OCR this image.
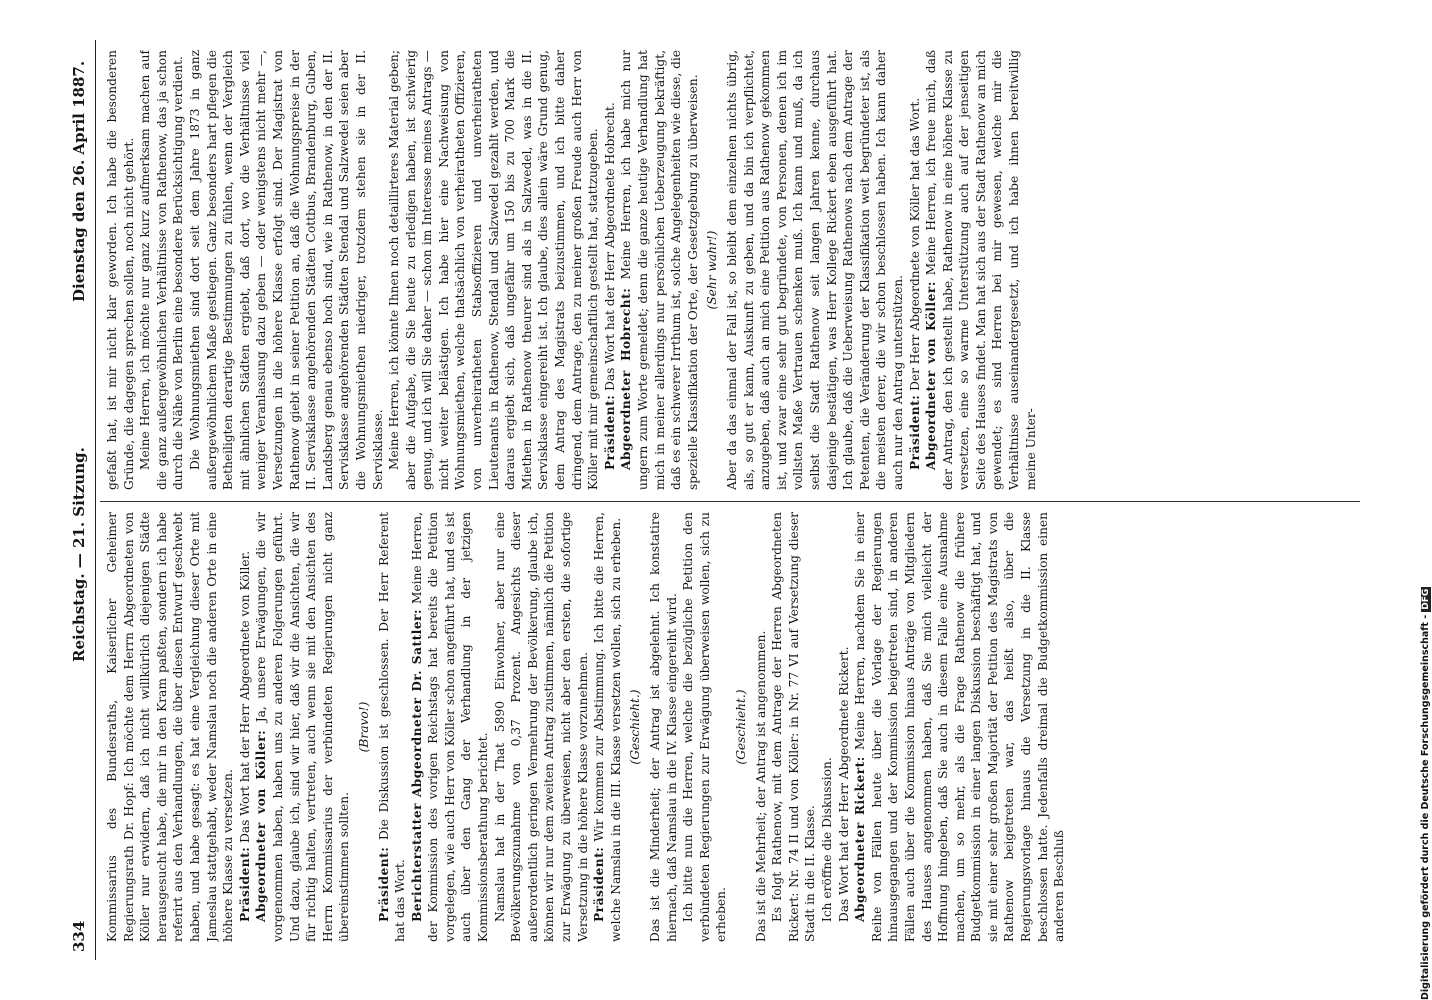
334
Reichstag. — 21. Sitzung.
Dienstag den 26. April 1887.

Kommissarius des Bundesraths, Kaiserlicher Geheimer Regierungsrath Dr. Hopf: Ich möchte dem Herrn Abgeordneten von Köller nur erwidern, daß ich nicht willkürlich diejenigen Städte herausgesucht habe, die mir in den Kram paßten, sondern ich habe referirt aus den Verhandlungen, die über diesen Entwurf geschwebt haben, und habe gesagt: es hat eine Vergleichung dieser Orte mit Jameslau stattgehabt, weder Namslau noch die anderen Orte in eine höhere Klasse zu versetzen. Präsident: Das Wort hat der Herr Abgeordnete von Köller. Abgeordneter von Köller: Ja, unsere Erwägungen, die wir vorgenommen haben, haben uns zu anderen Folgerungen geführt. Und dazu, glaube ich, sind wir hier, daß wir die Ansichten, die wir für richtig halten, vertreten, auch wenn sie mit den Ansichten des Herrn Kommissarius der verbündeten Regierungen nicht ganz übereinstimmen sollten.

(Bravo!)

Präsident: Die Diskussion ist geschlossen. Der Herr Referent hat das Wort. Berichterstatter Abgeordneter Dr. Sattler: Meine Herren, der Kommission des vorigen Reichstags hat bereits die Petition vorgelegen, wie auch Herr von Köller schon angeführt hat, und es ist auch über den Gang der Verhandlung in der jetzigen Kommissionsberathung berichtet. Namslau hat in der That 5890 Einwohner, aber nur eine Bevölkerungszunahme von 0,37 Prozent. Angesichts dieser außerordentlich geringen Vermehrung der Bevölkerung, glaube ich, können wir nur dem zweiten Antrag zustimmen, nämlich die Petition zur Erwägung zu überweisen, nicht aber den ersten, die sofortige Versetzung in die höhere Klasse vorzunehmen. Präsident: Wir kommen zur Abstimmung. Ich bitte die Herren, welche Namslau in die III. Klasse versetzen wollen, sich zu erheben. (Geschieht.) Das ist die Minderheit; der Antrag ist abgelehnt. Ich konstatire hiernach, daß Namslau in die IV. Klasse eingereiht wird. Ich bitte nun die Herren, welche die bezügliche Petition den verbündeten Regierungen zur Erwägung überweisen wollen, sich zu erheben.

(Geschieht.) Das ist die Mehrheit; der Antrag ist angenommen. Es folgt Rathenow, mit dem Antrage der Herren Abgeordneten Rickert: Nr. 74 II und von Köller: in Nr. 77 VI auf Versetzung dieser Stadt in die II. Klasse. Ich eröffne die Diskussion. Das Wort hat der Herr Abgeordnete Rickert. Abgeordneter Rickert: Meine Herren, nachdem Sie in einer Reihe von Fällen heute über die Vorlage der Regierungen hinausgegangen und der Kommission beigetreten sind, in anderen Fällen auch über die Kommission hinaus Anträge von Mitgliedern des Hauses angenommen haben, daß Sie mich vielleicht der Hoffnung hingeben, daß Sie auch in diesem Falle eine Ausnahme machen, um so mehr, als die Frage Rathenow die frühere Budgetkommission in einer langen Diskussion beschäftigt hat, und sie mit einer sehr großen Majorität der Petition des Magistrats von Rathenow beigetreten war, das heißt also, über die Regierungsvorlage hinaus die Versetzung in die II. Klasse beschlossen hatte. Jedenfalls dreimal die Budgetkommission einen anderen Beschluß

gefaßt hat, ist mir nicht klar geworden. Ich habe die besonderen Gründe, die dagegen sprechen sollen, noch nicht gehört. Meine Herren, ich möchte nur ganz kurz aufmerksam machen auf die ganz außergewöhnlichen Verhältnisse von Rathenow, das ja schon durch die Nähe von Berlin eine besondere Berücksichtigung verdient. Die Wohnungsmiethen sind dort seit dem Jahre 1873 in ganz außergewöhnlichem Maße gestiegen. Ganz besonders hart pflegen die Betheiligten derartige Bestimmungen zu fühlen, wenn der Vergleich mit ähnlichen Städten ergiebt, daß dort, wo die Verhältnisse viel weniger Veranlassung dazu geben — oder wenigstens nicht mehr —, Versetzungen in die höhere Klasse erfolgt sind. Der Magistrat von Rathenow giebt in seiner Petition an, daß die Wohnungspreise in der II. Servisklasse angehörenden Städten Cottbus, Brandenburg, Guben, Landsberg genau ebenso hoch sind, wie in Rathenow, in den der II. Servisklasse angehörenden Städten Stendal und Salzwedel seien aber die Wohnungsmiethen niedriger, trotzdem stehen sie in der II. Servisklasse. Meine Herren, ich könnte Ihnen noch detaillirteres Material geben; aber die Aufgabe, die Sie heute zu erledigen haben, ist schwierig genug, und ich will Sie daher — schon im Interesse meines Antrags — nicht weiter belästigen. Ich habe hier eine Nachweisung von Wohnungsmiethen, welche thatsächlich von verheiratheten Offizieren, von unverheiratheten Stabsoffizieren und unverheiratheten Lieutenants in Rathenow, Stendal und Salzwedel gezahlt werden, und daraus ergiebt sich, daß ungefähr um 150 bis zu 700 Mark die Miethen in Rathenow theurer sind als in Salzwedel, was in die II. Servisklasse eingereiht ist. Ich glaube, dies allein wäre Grund genug, dem Antrag des Magistrats beizustimmen, und ich bitte daher dringend, dem Antrage, den zu meiner großen Freude auch Herr von Köller mit mir gemeinschaftlich gestellt hat, stattzugeben. Präsident: Das Wort hat der Herr Abgeordnete Hobrecht. Abgeordneter Hobrecht: Meine Herren, ich habe mich nur ungern zum Worte gemeldet; denn die ganze heutige Verhandlung hat mich in meiner allerdings nur persönlichen Ueberzeugung bekräftigt, daß es ein schwerer Irrthum ist, solche Angelegenheiten wie diese, die spezielle Klassifikation der Orte, der Gesetzgebung zu überweisen. (Sehr wahr!) Aber da das einmal der Fall ist, so bleibt dem einzelnen nichts übrig, als, so gut er kann, Auskunft zu geben, und da bin ich verpflichtet, anzugeben, daß auch an mich eine Petition aus Rathenow gekommen ist, und zwar eine sehr gut begründete, von Personen, denen ich im vollsten Maße Vertrauen schenken muß. Ich kann und muß, da ich selbst die Stadt Rathenow seit langen Jahren kenne, durchaus dasjenige bestätigen, was Herr Kollege Rickert eben ausgeführt hat. Ich glaube, daß die Ueberweisung Rathenows nach dem Antrage der Petenten, die Veränderung der Klassifikation weit begründeter ist, als die meisten derer, die wir schon beschlossen haben. Ich kann daher auch nur den Antrag unterstützen. Präsident: Der Herr Abgeordnete von Köller hat das Wort. Abgeordneter von Köller: Meine Herren, ich freue mich, daß der Antrag, den ich gestellt habe, Rathenow in eine höhere Klasse zu versetzen, eine so warme Unterstützung auch auf der jenseitigen Seite des Hauses findet. Man hat sich aus der Stadt Rathenow an mich gewendet; es sind Herren bei mir gewesen, welche mir die Verhältnisse auseinandergesetzt, und ich habe ihnen bereitwillig meine Unter-

Digitalisierung gefördert durch die Deutsche Forschungsgemeinschaft -DFG
